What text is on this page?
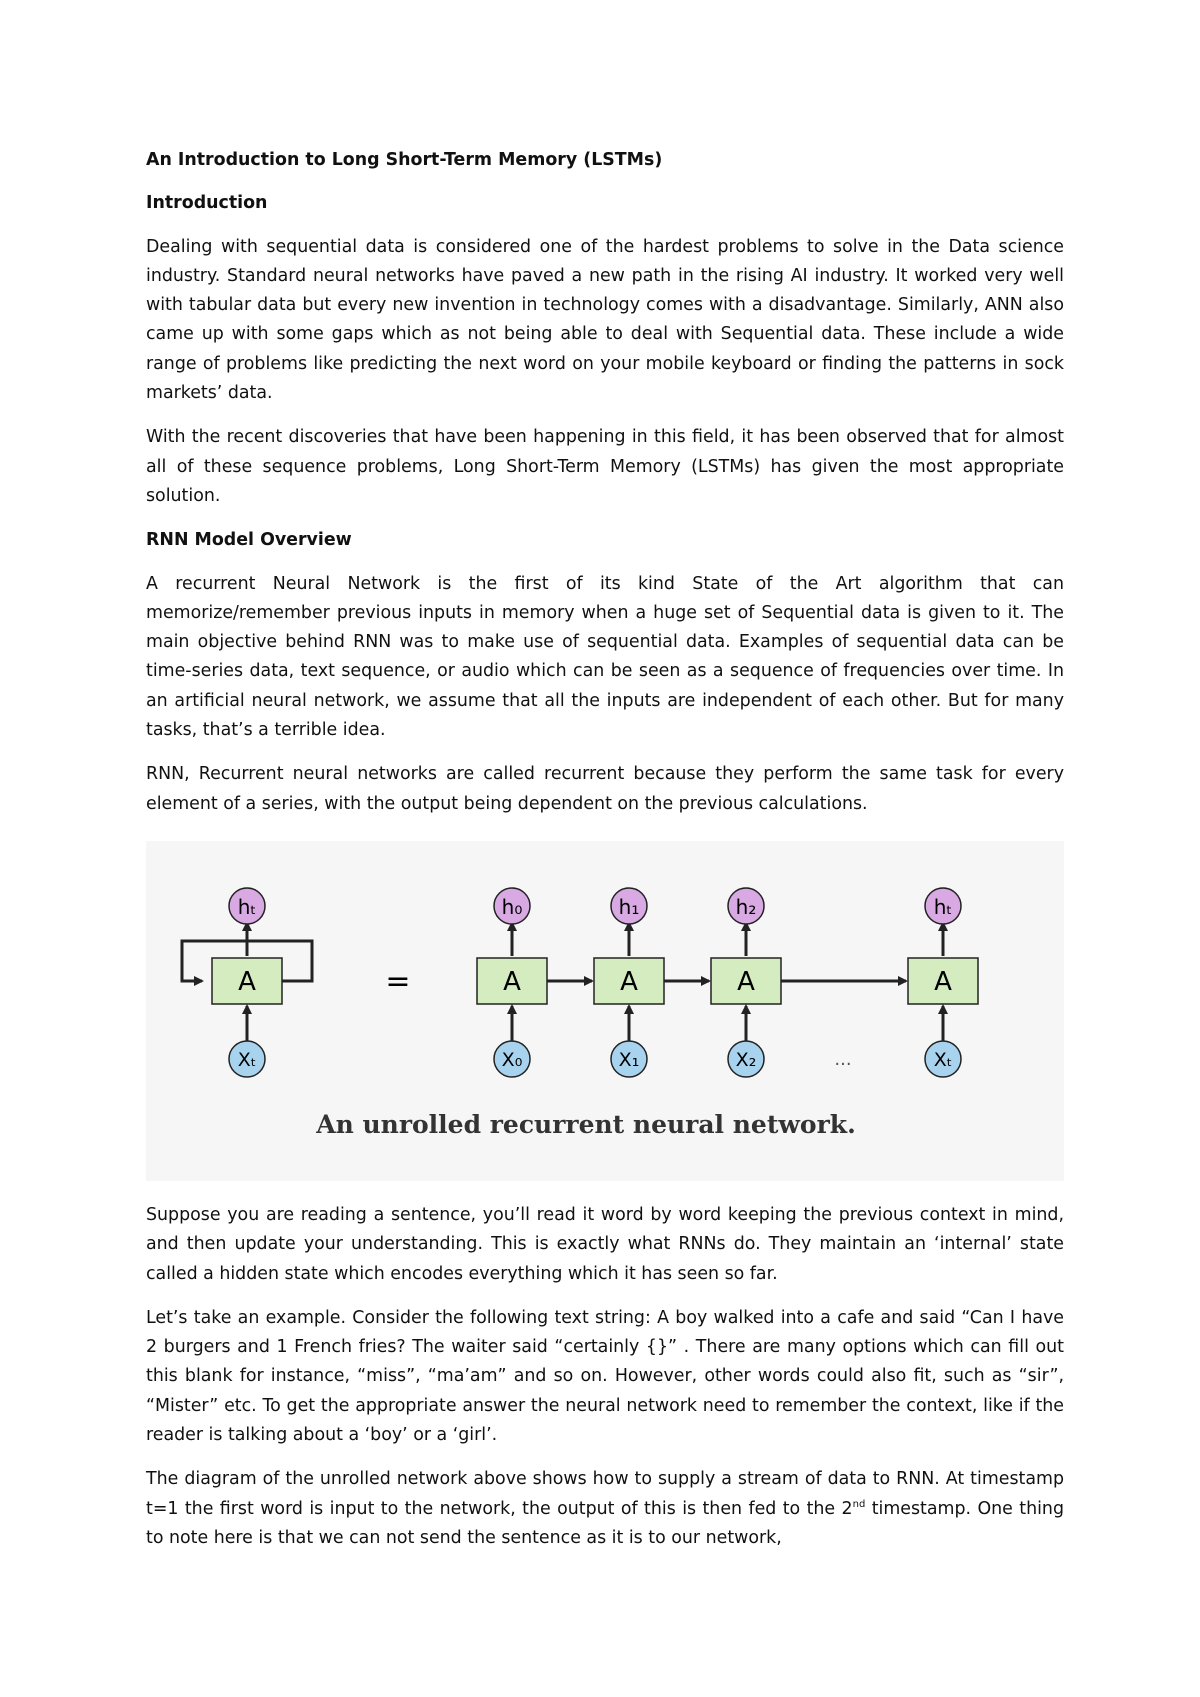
An Introduction to Long Short-Term Memory (LSTMs)

Introduction

Dealing with sequential data is considered one of the hardest problems to solve in the Data science industry. Standard neural networks have paved a new path in the rising AI industry. It worked very well with tabular data but every new invention in technology comes with a disadvantage. Similarly, ANN also came up with some gaps which as not being able to deal with Sequential data. These include a wide range of problems like predicting the next word on your mobile keyboard or finding the patterns in sock markets’ data.

With the recent discoveries that have been happening in this field, it has been observed that for almost all of these sequence problems, Long Short-Term Memory (LSTMs) has given the most appropriate solution.

RNN Model Overview

A recurrent Neural Network is the first of its kind State of the Art algorithm that can memorize/remember previous inputs in memory when a huge set of Sequential data is given to it. The main objective behind RNN was to make use of sequential data. Examples of sequential data can be time-series data, text sequence, or audio which can be seen as a sequence of frequencies over time. In an artificial neural network, we assume that all the inputs are independent of each other. But for many tasks, that’s a terrible idea.

RNN, Recurrent neural networks are called recurrent because they perform the same task for every element of a series, with the output being dependent on the previous calculations.

A
hₜ
Xₜ
=	A
h₀
X₀
A
h₁
X₁
A
h₂
X₂	...
A
hₜ
Xₜ
An unrolled recurrent neural network.

Suppose you are reading a sentence, you’ll read it word by word keeping the previous context in mind, and then update your understanding. This is exactly what RNNs do. They maintain an ‘internal’ state called a hidden state which encodes everything which it has seen so far.

Let’s take an example. Consider the following text string: A boy walked into a cafe and said “Can I have 2 burgers and 1 French fries? The waiter said “certainly {}” . There are many options which can fill out this blank for instance, “miss”, “ma’am” and so on. However, other words could also fit, such as “sir”, “Mister” etc. To get the appropriate answer the neural network need to remember the context, like if the reader is talking about a ‘boy’ or a ‘girl’.

The diagram of the unrolled network above shows how to supply a stream of data to RNN. At timestamp t=1 the first word is input to the network, the output of this is then fed to the 2nd timestamp. One thing to note here is that we can not send the sentence as it is to our network,
